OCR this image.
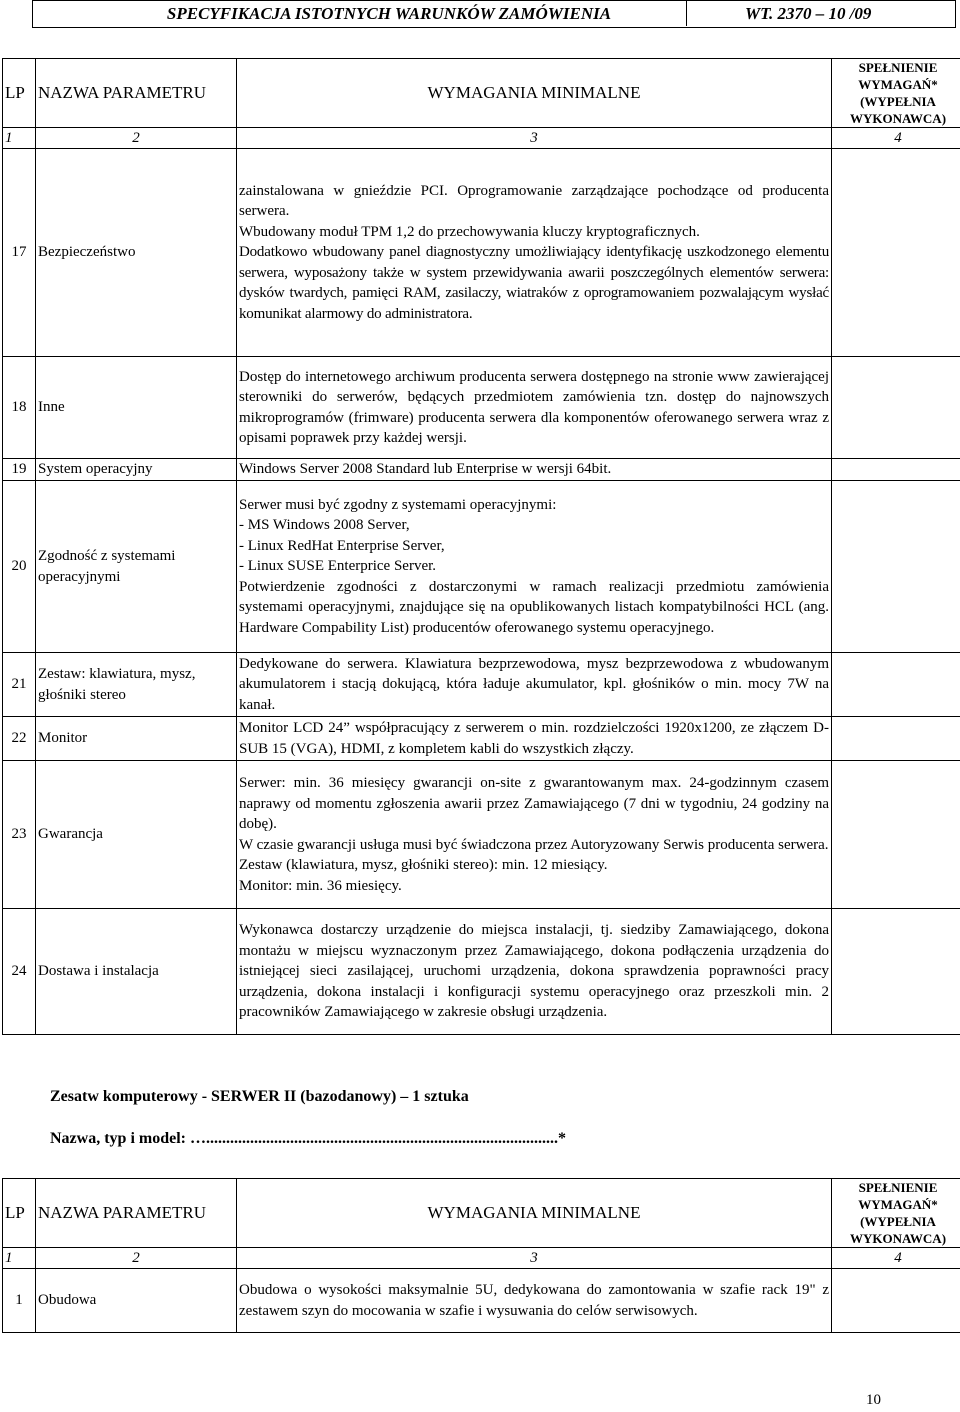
SPECYFIKACJA ISTOTNYCH WARUNKÓW ZAMÓWIENIA	WT. 2370 – 10 /09
LP	NAZWA PARAMETRU	WYMAGANIA MINIMALNE	SPEŁNIENIE WYMAGAŃ* (WYPEŁNIA WYKONAWCA)
1	2	3	4
17	Bezpieczeństwo	zainstalowana w gnieździe PCI. Oprogramowanie zarządzające pochodzące od producenta serwera.

Wbudowany moduł TPM 1,2 do przechowywania kluczy kryptograficznych.

Dodatkowo wbudowany panel diagnostyczny umożliwiający identyfikację uszkodzonego elementu serwera, wyposażony także w system przewidywania awarii poszczególnych elementów serwera: dysków twardych, pamięci RAM, zasilaczy, wiatraków z oprogramowaniem pozwalającym wysłać komunikat alarmowy do administratora.	

18	Inne	Dostęp do internetowego archiwum producenta serwera dostępnego na stronie www zawierającej sterowniki do serwerów, będących przedmiotem zamówienia tzn. dostęp do najnowszych mikroprogramów (frimware) producenta serwera dla komponentów oferowanego serwera wraz z opisami poprawek przy każdej wersji.	

19	System operacyjny	Windows Server 2008 Standard lub Enterprise w wersji 64bit.	

20	Zgodność z systemami operacyjnymi	Serwer musi być zgodny z systemami operacyjnymi:

- MS Windows 2008 Server,

- Linux RedHat Enterprise Server,

- Linux SUSE Enterprice Server.

Potwierdzenie zgodności z dostarczonymi w ramach realizacji przedmiotu zamówienia systemami operacyjnymi, znajdujące się na opublikowanych listach kompatybilności HCL (ang. Hardware Compability List) producentów oferowanego systemu operacyjnego.	

21	Zestaw: klawiatura, mysz, głośniki stereo	Dedykowane do serwera. Klawiatura bezprzewodowa, mysz bezprzewodowa z wbudowanym akumulatorem i stacją dokującą, która ładuje akumulator, kpl. głośników o min. mocy 7W na kanał.	

22	Monitor	Monitor LCD 24” współpracujący z serwerem o min. rozdzielczości 1920x1200, ze złączem D-SUB 15 (VGA), HDMI, z kompletem kabli do wszystkich złączy.	

23	Gwarancja	Serwer: min. 36 miesięcy gwarancji on-site z gwarantowanym max. 24-godzinnym czasem naprawy od momentu zgłoszenia awarii przez Zamawiającego (7 dni w tygodniu, 24 godziny na dobę).

W czasie gwarancji usługa musi być świadczona przez Autoryzowany Serwis producenta serwera.

Zestaw (klawiatura, mysz, głośniki stereo): min. 12 miesiący.

Monitor: min. 36 miesięcy.	

24	Dostawa i instalacja	Wykonawca dostarczy urządzenie do miejsca instalacji, tj. siedziby Zamawiającego, dokona montażu w miejscu wyznaczonym przez Zamawiającego, dokona podłączenia urządzenia do istniejącej sieci zasilającej, uruchomi urządzenia, dokona sprawdzenia poprawności pracy urządzenia, dokona instalacji i konfiguracji systemu operacyjnego oraz przeszkoli min. 2 pracowników Zamawiającego w zakresie obsługi urządzenia.	

Zesatw komputerowy - SERWER II (bazodanowy) – 1 sztuka
Nazwa, typ i model: …........................................................................................*
LP	NAZWA PARAMETRU	WYMAGANIA MINIMALNE	SPEŁNIENIE WYMAGAŃ* (WYPEŁNIA WYKONAWCA)
1	2	3	4
1	Obudowa	Obudowa o wysokości maksymalnie 5U, dedykowana do zamontowania w szafie rack 19" z zestawem szyn do mocowania w szafie i wysuwania do celów serwisowych.	

10
